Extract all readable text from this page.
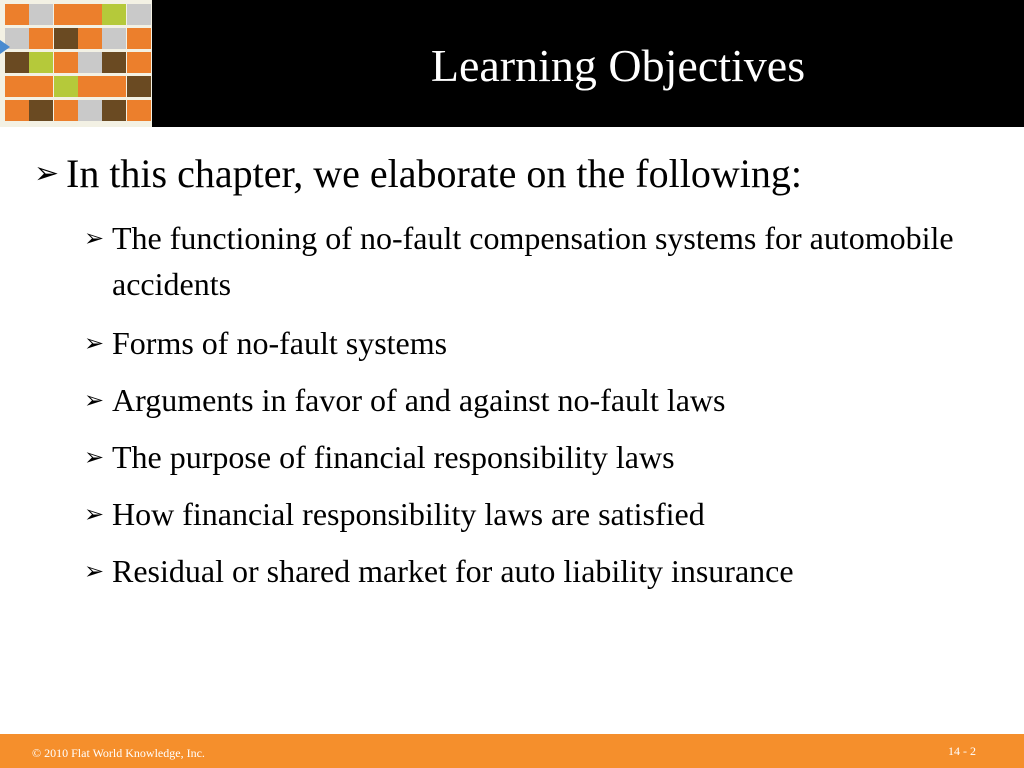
Learning Objectives
➢ In this chapter, we elaborate on the following:
➢ The functioning of no-fault compensation systems for automobile accidents
➢ Forms of no-fault systems
➢ Arguments in favor of and against no-fault laws
➢ The purpose of financial responsibility laws
➢ How financial responsibility laws are satisfied
➢ Residual or shared market for auto liability insurance
© 2010 Flat World Knowledge, Inc.	14 - 2
